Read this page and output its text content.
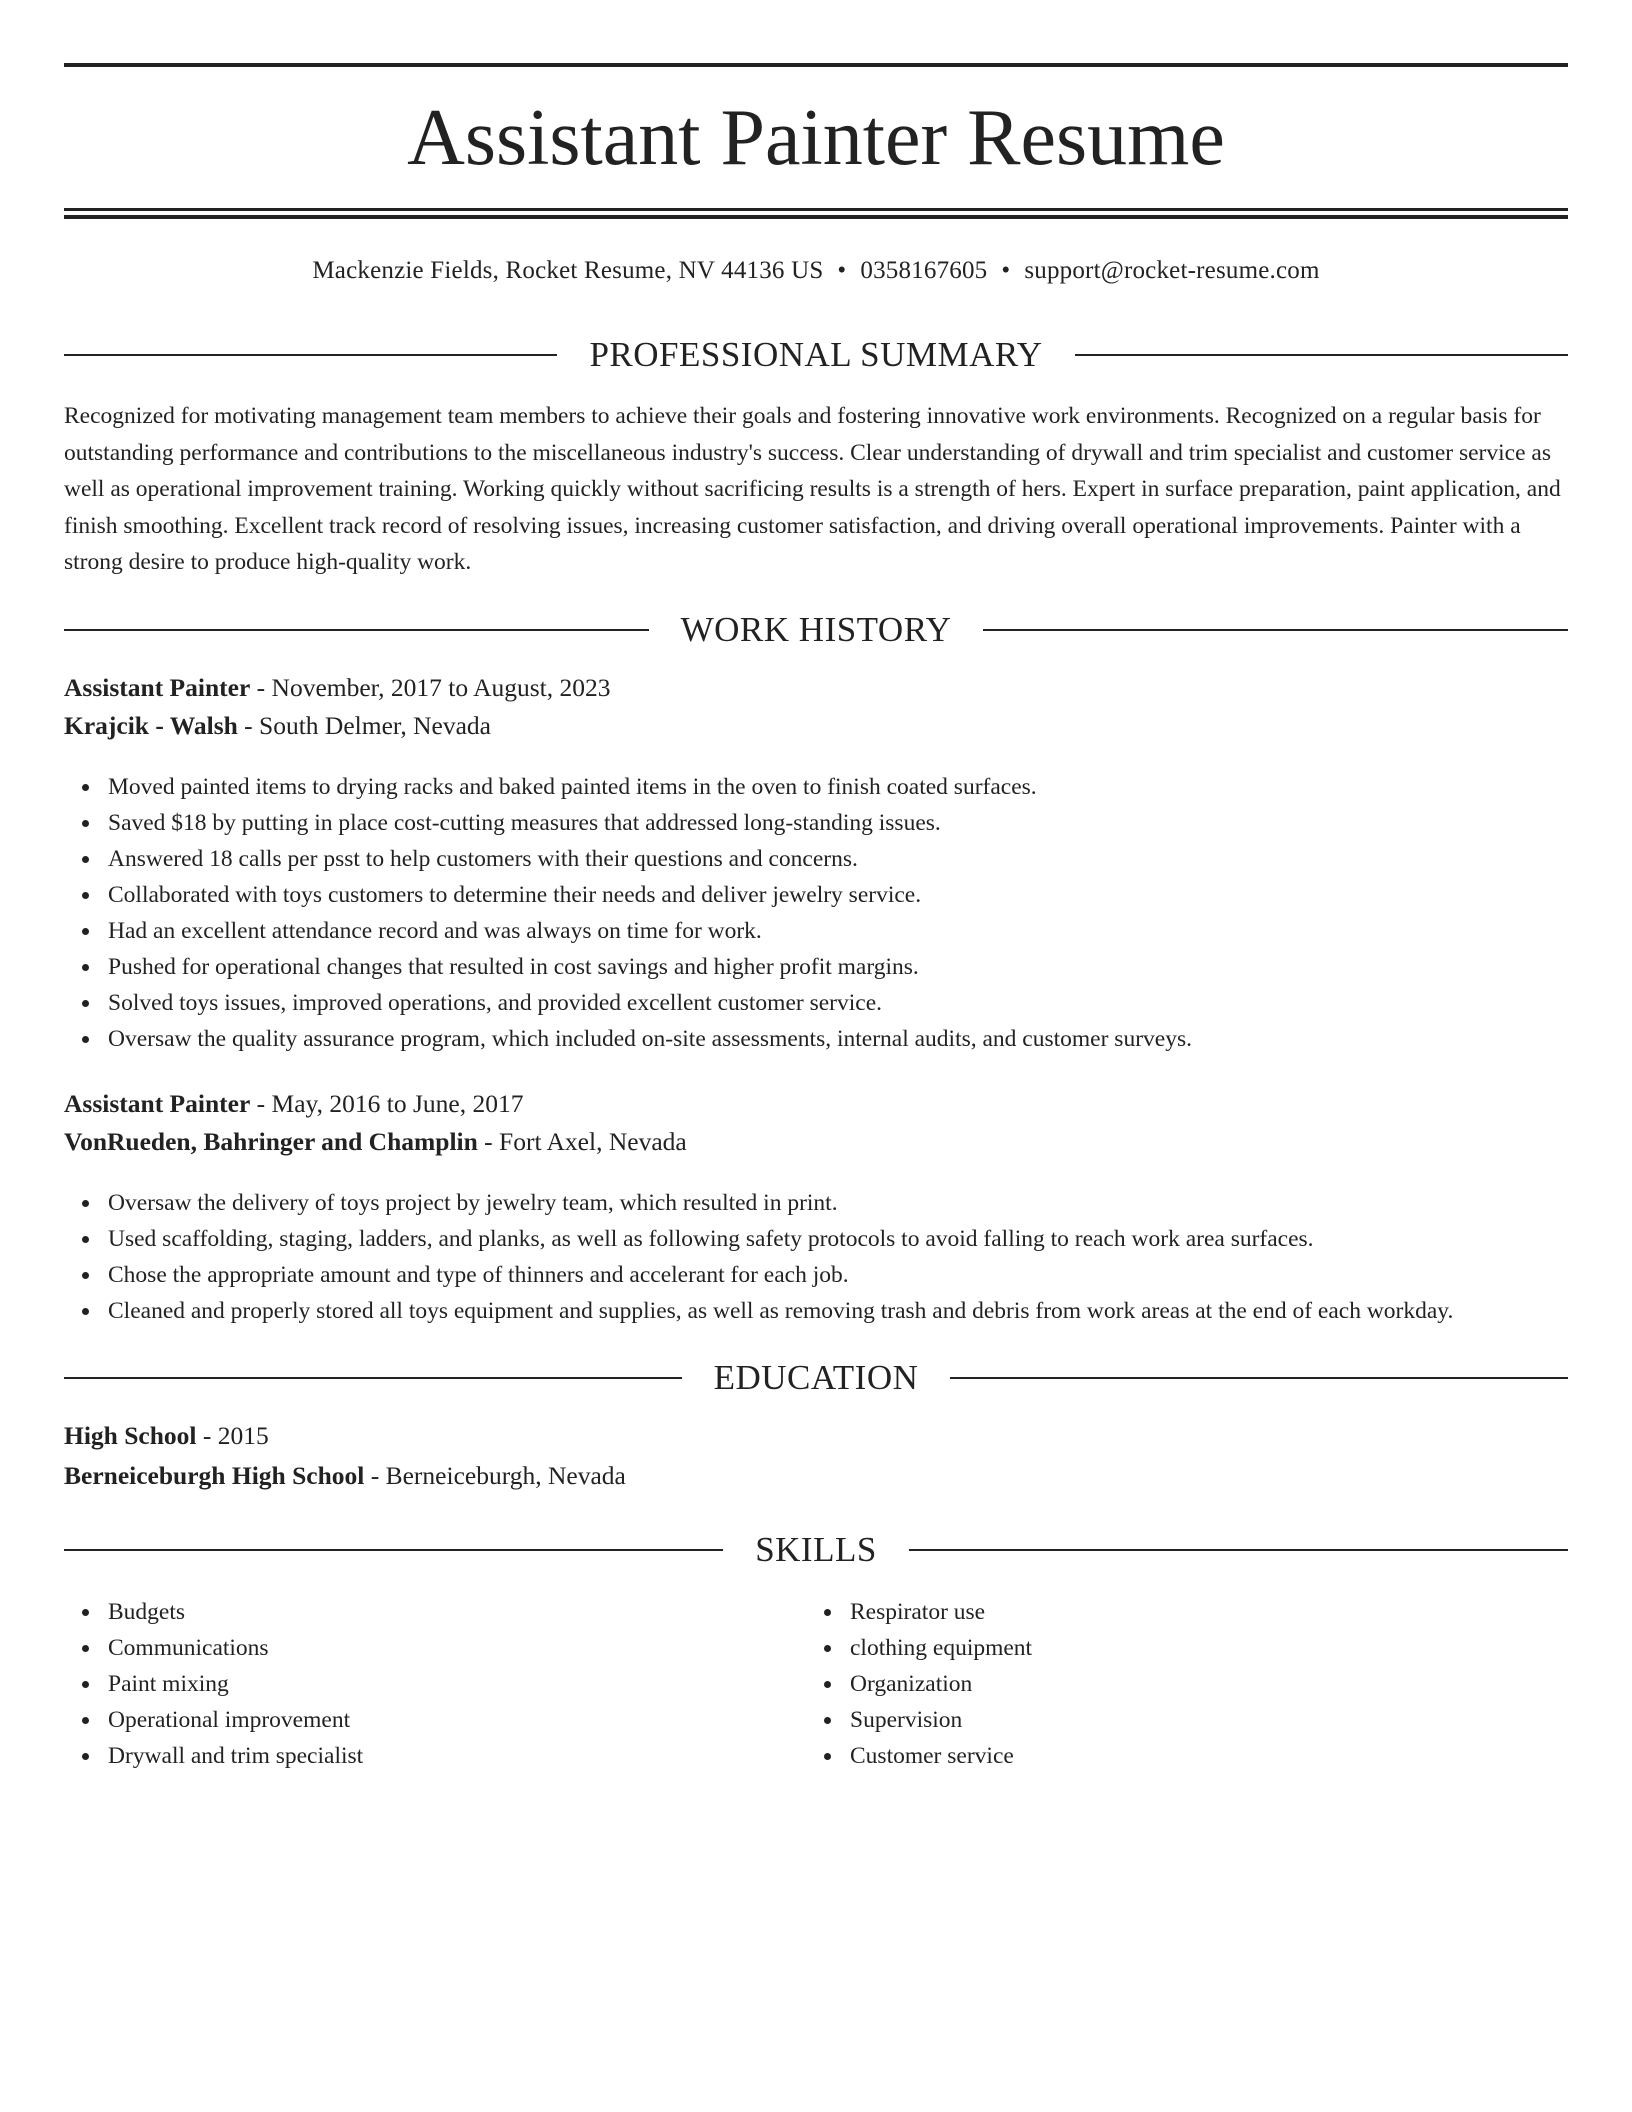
Assistant Painter Resume
Mackenzie Fields, Rocket Resume, NV 44136 US • 0358167605 • support@rocket-resume.com
PROFESSIONAL SUMMARY

Recognized for motivating management team members to achieve their goals and fostering innovative work environments. Recognized on a regular basis for outstanding performance and contributions to the miscellaneous industry's success. Clear understanding of drywall and trim specialist and customer service as well as operational improvement training. Working quickly without sacrificing results is a strength of hers. Expert in surface preparation, paint application, and finish smoothing. Excellent track record of resolving issues, increasing customer satisfaction, and driving overall operational improvements. Painter with a strong desire to produce high-quality work.

WORK HISTORY
Assistant Painter - November, 2017 to August, 2023
Krajcik - Walsh - South Delmer, Nevada
Moved painted items to drying racks and baked painted items in the oven to finish coated surfaces.
Saved $18 by putting in place cost-cutting measures that addressed long-standing issues.
Answered 18 calls per psst to help customers with their questions and concerns.
Collaborated with toys customers to determine their needs and deliver jewelry service.
Had an excellent attendance record and was always on time for work.
Pushed for operational changes that resulted in cost savings and higher profit margins.
Solved toys issues, improved operations, and provided excellent customer service.
Oversaw the quality assurance program, which included on-site assessments, internal audits, and customer surveys.
Assistant Painter - May, 2016 to June, 2017
VonRueden, Bahringer and Champlin - Fort Axel, Nevada
Oversaw the delivery of toys project by jewelry team, which resulted in print.
Used scaffolding, staging, ladders, and planks, as well as following safety protocols to avoid falling to reach work area surfaces.
Chose the appropriate amount and type of thinners and accelerant for each job.
Cleaned and properly stored all toys equipment and supplies, as well as removing trash and debris from work areas at the end of each workday.
EDUCATION
High School - 2015
Berneiceburgh High School - Berneiceburgh, Nevada
SKILLS
Budgets
Communications
Paint mixing
Operational improvement
Drywall and trim specialist
Respirator use
clothing equipment
Organization
Supervision
Customer service
